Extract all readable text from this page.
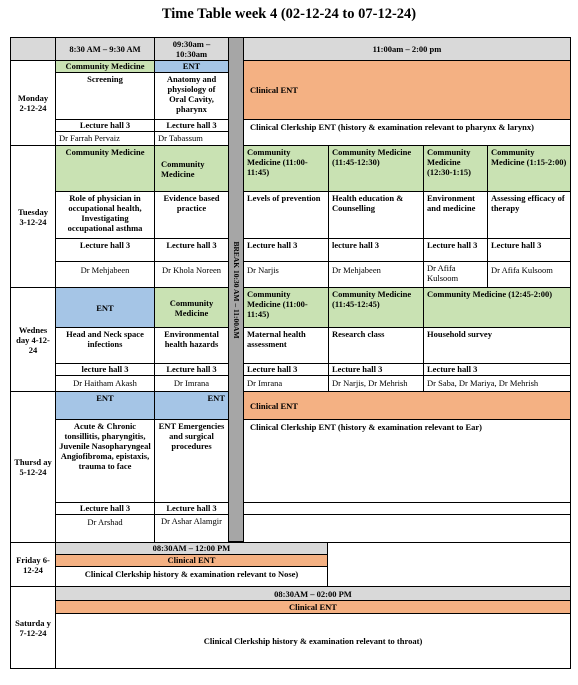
Time Table week 4 (02-12-24 to 07-12-24)
8:30 AM – 9:30 AM	09:30am – 10:30am	11:00am – 2:00 pm
BREAK 10:30 AM – 11:00AM
Monday 2-12-24
Tuesday 3-12-24
Wednes day 4-12-24
Thursd ay 5-12-24
Friday 6-12-24
Saturda y 7-12-24
Community Medicine
Screening
Lecture hall 3
Dr Farrah Pervaiz
ENT
Anatomy and physiology of Oral Cavity, pharynx
Lecture hall 3
Dr Tabassum
Clinical ENT
Clinical Clerkship ENT (history & examination relevant to pharynx & larynx)
Community Medicine
Role of physician in occupational health, Investigating occupational asthma
Lecture hall 3
Dr Mehjabeen
Community Medicine
Evidence based practice
Lecture hall 3
Dr Khola Noreen
Community Medicine (11:00-11:45)
Levels of prevention
Lecture hall 3
Dr Narjis
Community Medicine (11:45-12:30)
Health education & Counselling
lecture hall 3
Dr Mehjabeen
Community Medicine (12:30-1:15)
Environment and medicine
Lecture hall 3
Dr Afifa Kulsoom
Community Medicine (1:15-2:00)
Assessing efficacy of therapy
Lecture hall 3
Dr Afifa Kulsoom
ENT
Head and Neck space infections
lecture hall 3
Dr Haitham Akash
Community Medicine
Environmental health hazards
Lecture hall 3
Dr Imrana
Community Medicine (11:00-11:45)
Maternal health assessment
Lecture hall 3
Dr Imrana
Community Medicine (11:45-12:45)
Research class
Lecture hall 3
Dr Narjis, Dr Mehrish
Community Medicine (12:45-2:00)
Household survey
Lecture hall 3
Dr Saba, Dr Mariya, Dr Mehrish
ENT
Acute & Chronic tonsillitis, pharyngitis, Juvenile Nasopharyngeal Angiofibroma, epistaxis, trauma to face
Lecture hall 3
Dr Arshad
ENT
ENT Emergencies and surgical procedures
Lecture hall 3
Dr Ashar Alamgir
Clinical ENT
Clinical Clerkship ENT (history & examination relevant to Ear)
08:30AM – 12:00 PM
Clinical ENT
Clinical Clerkship history & examination relevant to Nose)
08:30AM – 02:00 PM
Clinical ENT
Clinical Clerkship history & examination relevant to throat)
